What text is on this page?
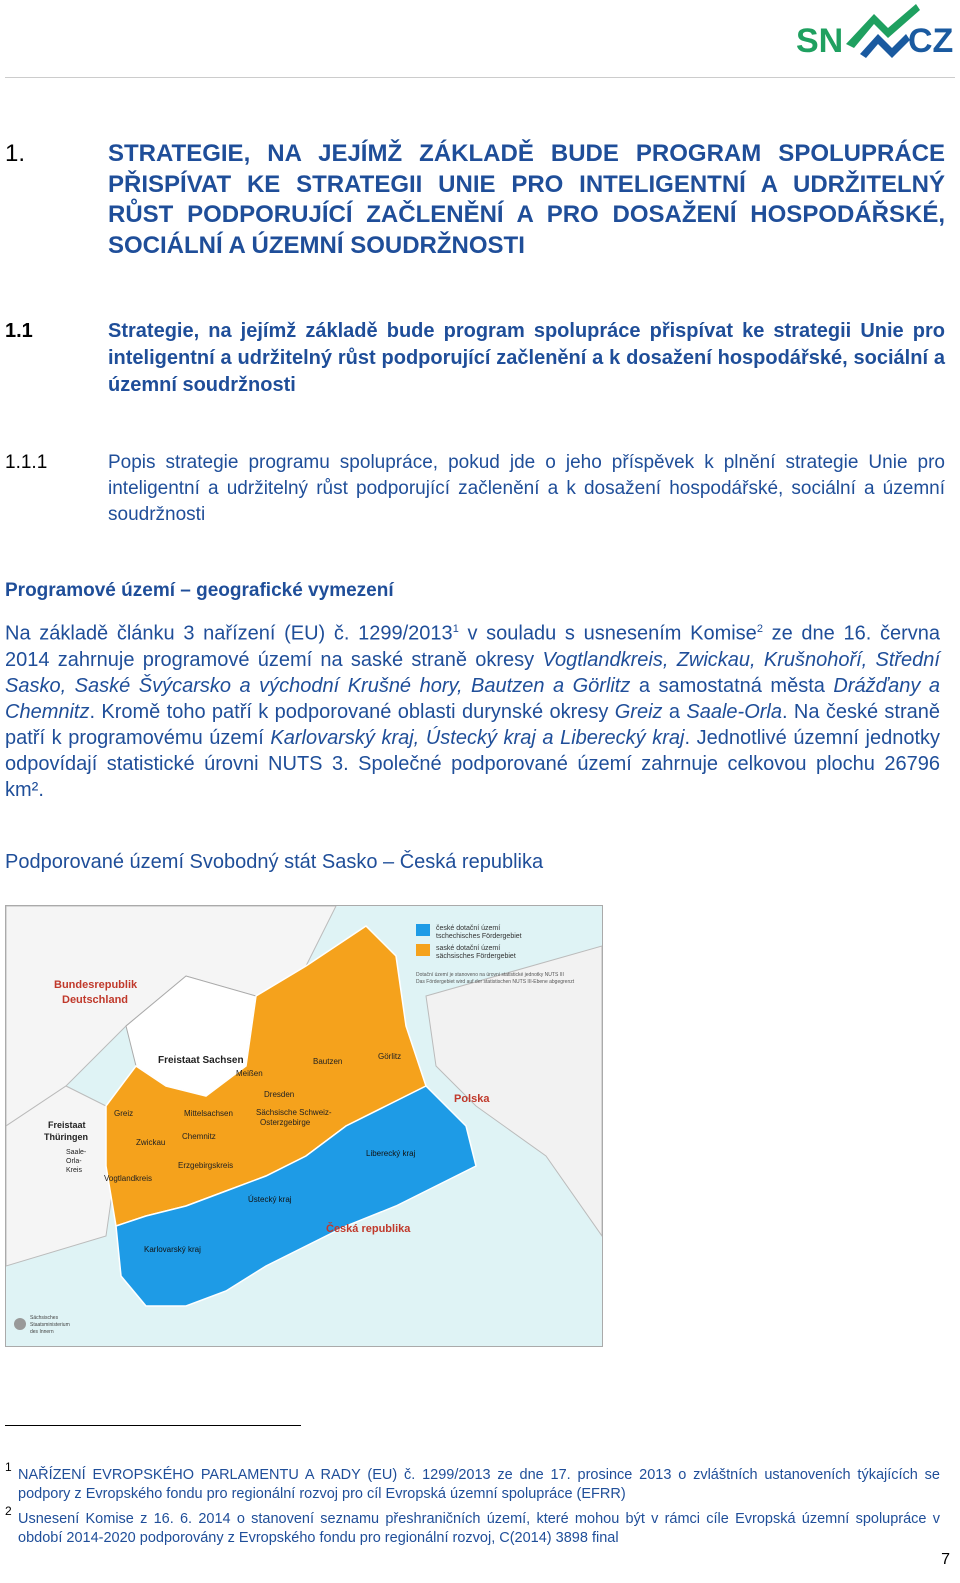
SN CZ
1.	STRATEGIE, NA JEJÍMŽ ZÁKLADĚ BUDE PROGRAM SPOLUPRÁCE PŘISPÍVAT KE STRATEGII UNIE PRO INTELIGENTNÍ A UDRŽITELNÝ RŮST PODPORUJÍCÍ ZAČLENĚNÍ A PRO DOSAŽENÍ HOSPODÁŘSKÉ, SOCIÁLNÍ A ÚZEMNÍ SOUDRŽNOSTI
1.1	Strategie, na jejímž základě bude program spolupráce přispívat ke strategii Unie pro inteligentní a udržitelný růst podporující začlenění a k dosažení hospodářské, sociální a územní soudržnosti
1.1.1	Popis strategie programu spolupráce, pokud jde o jeho příspěvek k plnění strategie Unie pro inteligentní a udržitelný růst podporující začlenění a k dosažení hospodářské, sociální a územní soudržnosti
Programové území – geografické vymezení
Na základě článku 3 nařízení (EU) č. 1299/2013$^1$ v souladu s usnesením Komise$^2$ ze dne 16. června 2014 zahrnuje programové území na saské straně okresy Vogtlandkreis, Zwickau, Krušnohoří, Střední Sasko, Saské Švýcarsko a východní Krušné hory, Bautzen a Görlitz a samostatná města Drážďany a Chemnitz. Kromě toho patří k podporované oblasti durynské okresy Greiz a Saale-Orla. Na české straně patří k programovému území Karlovarský kraj, Ústecký kraj a Liberecký kraj. Jednotlivé územní jednotky odpovídají statistické úrovni NUTS 3. Společné podporované území zahrnuje celkovou plochu 26796 km².
Podporované území Svobodný stát Sasko – Česká republika
české dotační území
tschechisches Fördergebiet
saské dotační území
sächsisches Fördergebiet
Dotační území je stanoveno na úrovni statistické jednotky NUTS III
Das Fördergebiet wird auf der statistischen NUTS III-Ebene abgegrenzt
Bundesrepublik
Deutschland
Polska
Česká republika
Freistaat Sachsen
Freistaat
Thüringen
Bautzen
Görlitz
Meißen
Dresden
Mittelsachsen	Sächsische Schweiz-
Osterzgebirge
Chemnitz
Zwickau
Erzgebirgskreis
Vogtlandkreis
Greiz
Saale-
Orla-
Kreis
Liberecký kraj
Ústecký kraj
Karlovarský kraj
Sächsisches
Staatsministerium
des Innern
1 NAŘÍZENÍ EVROPSKÉHO PARLAMENTU A RADY (EU) č. 1299/2013 ze dne 17. prosince 2013 o zvláštních ustanoveních týkajících se podpory z Evropského fondu pro regionální rozvoj pro cíl Evropská územní spolupráce (EFRR)
2 Usnesení Komise z 16. 6. 2014 o stanovení seznamu přeshraničních území, které mohou být v rámci cíle Evropská územní spolupráce v období 2014-2020 podporovány z Evropského fondu pro regionální rozvoj, C(2014) 3898 final
7
